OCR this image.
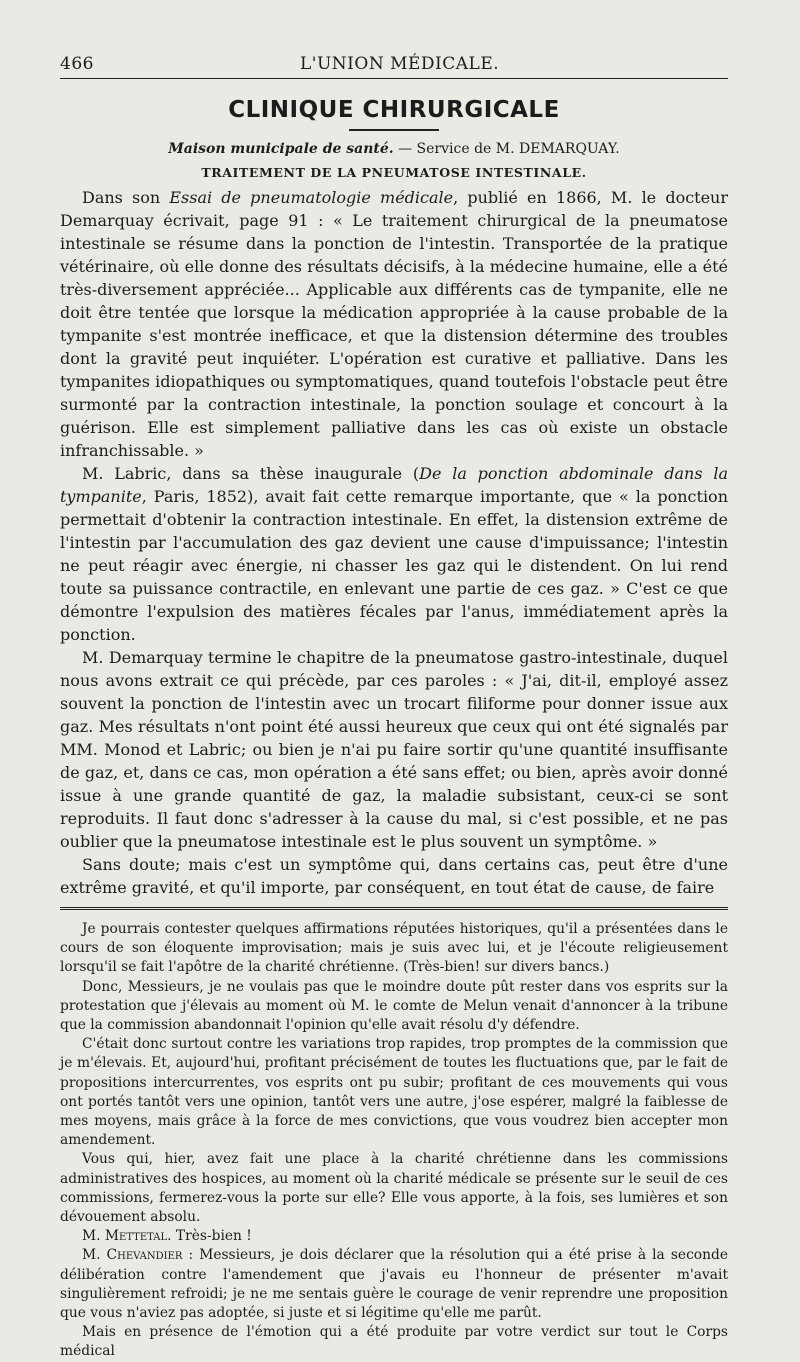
466	L'UNION MÉDICALE.
CLINIQUE CHIRURGICALE
Maison municipale de santé. — Service de M. DEMARQUAY.
TRAITEMENT DE LA PNEUMATOSE INTESTINALE.

Dans son Essai de pneumatologie médicale, publié en 1866, M. le docteur Demarquay écrivait, page 91 : « Le traitement chirurgical de la pneumatose intestinale se résume dans la ponction de l'intestin. Transportée de la pratique vétérinaire, où elle donne des résultats décisifs, à la médecine humaine, elle a été très-diversement appréciée... Applicable aux différents cas de tympanite, elle ne doit être tentée que lorsque la médication appropriée à la cause probable de la tympanite s'est montrée inefficace, et que la distension détermine des troubles dont la gravité peut inquiéter. L'opération est curative et palliative. Dans les tympanites idiopathiques ou symptomatiques, quand toutefois l'obstacle peut être surmonté par la contraction intestinale, la ponction soulage et concourt à la guérison. Elle est simplement palliative dans les cas où existe un obstacle infranchissable. »

M. Labric, dans sa thèse inaugurale (De la ponction abdominale dans la tympanite, Paris, 1852), avait fait cette remarque importante, que « la ponction permettait d'obtenir la contraction intestinale. En effet, la distension extrême de l'intestin par l'accumulation des gaz devient une cause d'impuissance; l'intestin ne peut réagir avec énergie, ni chasser les gaz qui le distendent. On lui rend toute sa puissance contractile, en enlevant une partie de ces gaz. » C'est ce que démontre l'expulsion des matières fécales par l'anus, immédiatement après la ponction.

M. Demarquay termine le chapitre de la pneumatose gastro-intestinale, duquel nous avons extrait ce qui précède, par ces paroles : « J'ai, dit-il, employé assez souvent la ponction de l'intestin avec un trocart filiforme pour donner issue aux gaz. Mes résultats n'ont point été aussi heureux que ceux qui ont été signalés par MM. Monod et Labric; ou bien je n'ai pu faire sortir qu'une quantité insuffisante de gaz, et, dans ce cas, mon opération a été sans effet; ou bien, après avoir donné issue à une grande quantité de gaz, la maladie subsistant, ceux-ci se sont reproduits. Il faut donc s'adresser à la cause du mal, si c'est possible, et ne pas oublier que la pneumatose intestinale est le plus souvent un symptôme. »

Sans doute; mais c'est un symptôme qui, dans certains cas, peut être d'une extrême gravité, et qu'il importe, par conséquent, en tout état de cause, de faire

Je pourrais contester quelques affirmations réputées historiques, qu'il a présentées dans le cours de son éloquente improvisation; mais je suis avec lui, et je l'écoute religieusement lorsqu'il se fait l'apôtre de la charité chrétienne. (Très-bien! sur divers bancs.)

Donc, Messieurs, je ne voulais pas que le moindre doute pût rester dans vos esprits sur la protestation que j'élevais au moment où M. le comte de Melun venait d'annoncer à la tribune que la commission abandonnait l'opinion qu'elle avait résolu d'y défendre.

C'était donc surtout contre les variations trop rapides, trop promptes de la commission que je m'élevais. Et, aujourd'hui, profitant précisément de toutes les fluctuations que, par le fait de propositions intercurrentes, vos esprits ont pu subir; profitant de ces mouvements qui vous ont portés tantôt vers une opinion, tantôt vers une autre, j'ose espérer, malgré la faiblesse de mes moyens, mais grâce à la force de mes convictions, que vous voudrez bien accepter mon amendement.

Vous qui, hier, avez fait une place à la charité chrétienne dans les commissions administratives des hospices, au moment où la charité médicale se présente sur le seuil de ces commissions, fermerez-vous la porte sur elle? Elle vous apporte, à la fois, ses lumières et son dévouement absolu.

M. Mettetal. Très-bien !

M. Chevandier : Messieurs, je dois déclarer que la résolution qui a été prise à la seconde délibération contre l'amendement que j'avais eu l'honneur de présenter m'avait singulièrement refroidi; je ne me sentais guère le courage de venir reprendre une proposition que vous n'aviez pas adoptée, si juste et si légitime qu'elle me parût.

Mais en présence de l'émotion qui a été produite par votre verdict sur tout le Corps médical
